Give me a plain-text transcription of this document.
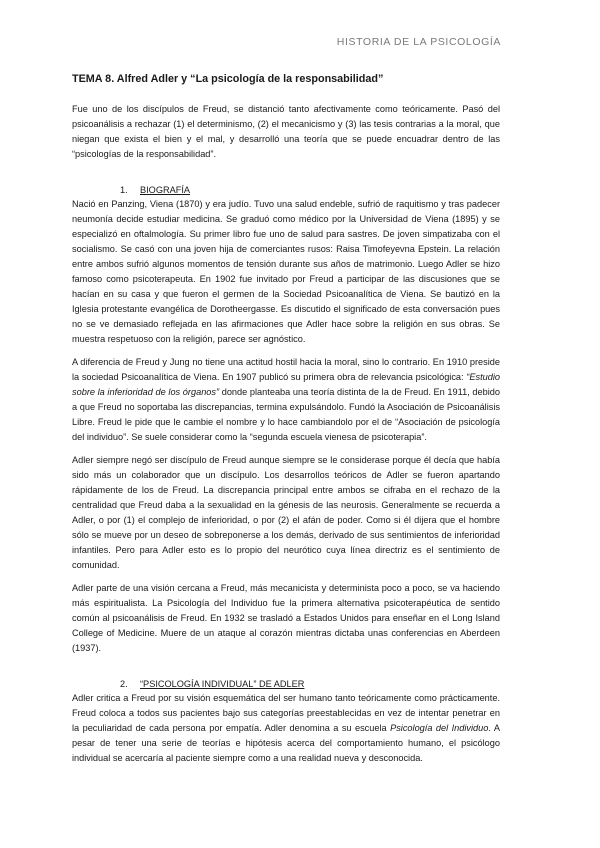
HISTORIA DE LA PSICOLOGÍA
TEMA 8. Alfred Adler y “La psicología de la responsabilidad”

Fue uno de los discípulos de Freud, se distanció tanto afectivamente como teóricamente. Pasó del psicoanálisis a rechazar (1) el determinismo, (2) el mecanicismo y (3) las tesis contrarias a la moral, que niegan que exista el bien y el mal, y desarrolló una teoría que se puede encuadrar dentro de las “psicologías de la responsabilidad”.

1. BIOGRAFÍA

Nació en Panzing, Viena (1870) y era judío. Tuvo una salud endeble, sufrió de raquitismo y tras padecer neumonía decide estudiar medicina. Se graduó como médico por la Universidad de Viena (1895) y se especializó en oftalmología. Su primer libro fue uno de salud para sastres. De joven simpatizaba con el socialismo. Se casó con una joven hija de comerciantes rusos: Raisa Timofeyevna Epstein. La relación entre ambos sufrió algunos momentos de tensión durante sus años de matrimonio. Luego Adler se hizo famoso como psicoterapeuta. En 1902 fue invitado por Freud a participar de las discusiones que se hacían en su casa y que fueron el germen de la Sociedad Psicoanalítica de Viena. Se bautizó en la Iglesia protestante evangélica de Dorotheergasse. Es discutido el significado de esta conversación pues no se ve demasiado reflejada en las afirmaciones que Adler hace sobre la religión en sus obras. Se muestra respetuoso con la religión, parece ser agnóstico.

A diferencia de Freud y Jung no tiene una actitud hostil hacia la moral, sino lo contrario. En 1910 preside la sociedad Psicoanalítica de Viena. En 1907 publicó su primera obra de relevancia psicológica: “Estudio sobre la inferioridad de los órganos” donde planteaba una teoría distinta de la de Freud. En 1911, debido a que Freud no soportaba las discrepancias, termina expulsándolo. Fundó la Asociación de Psicoanálisis Libre. Freud le pide que le cambie el nombre y lo hace cambiandolo por el de “Asociación de psicología del individuo”. Se suele considerar como la “segunda escuela vienesa de psicoterapia”.

Adler siempre negó ser discípulo de Freud aunque siempre se le considerase porque él decía que había sido más un colaborador que un discípulo. Los desarrollos teóricos de Adler se fueron apartando rápidamente de los de Freud. La discrepancia principal entre ambos se cifraba en el rechazo de la centralidad que Freud daba a la sexualidad en la génesis de las neurosis. Generalmente se recuerda a Adler, o por (1) el complejo de inferioridad, o por (2) el afán de poder. Como si él dijera que el hombre sólo se mueve por un deseo de sobreponerse a los demás, derivado de sus sentimientos de inferioridad infantiles. Pero para Adler esto es lo propio del neurótico cuya línea directriz es el sentimiento de comunidad.

Adler parte de una visión cercana a Freud, más mecanicista y determinista poco a poco, se va haciendo más espiritualista. La Psicología del Individuo fue la primera alternativa psicoterapéutica de sentido común al psicoanálisis de Freud. En 1932 se trasladó a Estados Unidos para enseñar en el Long Island College of Medicine. Muere de un ataque al corazón mientras dictaba unas conferencias en Aberdeen (1937).

2. “PSICOLOGÍA INDIVIDUAL” DE ADLER

Adler critica a Freud por su visión esquemática del ser humano tanto teóricamente como prácticamente. Freud coloca a todos sus pacientes bajo sus categorías preestablecidas en vez de intentar penetrar en la peculiaridad de cada persona por empatía. Adler denomina a su escuela Psicología del Individuo. A pesar de tener una serie de teorías e hipótesis acerca del comportamiento humano, el psicólogo individual se acercaría al paciente siempre como a una realidad nueva y desconocida.
